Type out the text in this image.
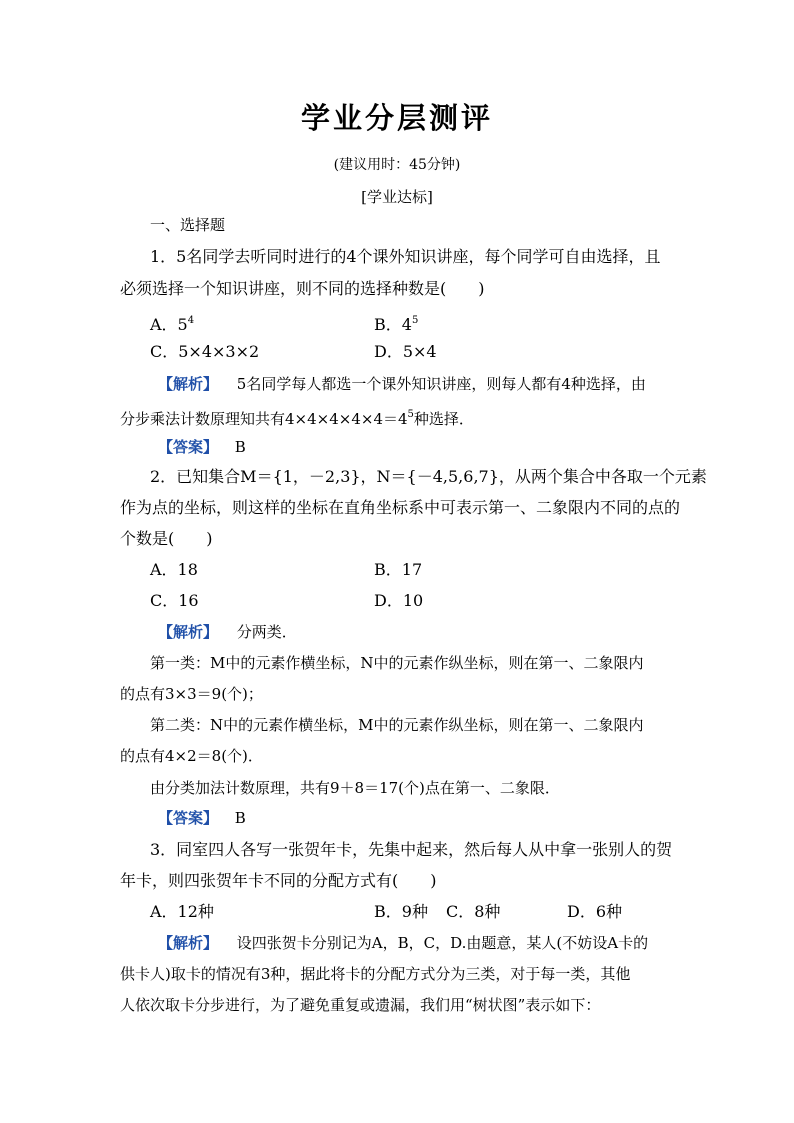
学业分层测评
(建议用时：45分钟)
[学业达标]
一、选择题
1．5名同学去听同时进行的4个课外知识讲座，每个同学可自由选择，且
必须选择一个知识讲座，则不同的选择种数是(　　)
A．$5^4$	B．$4^5$
C．5×4×3×2	D．5×4
【解析】 5名同学每人都选一个课外知识讲座，则每人都有4种选择，由
分步乘法计数原理知共有$4\times 4\times 4\times 4\times 4=4^5$种选择．
【答案】 B
2．已知集合M＝{1，－2,3}，N＝{－4,5,6,7}，从两个集合中各取一个元素
作为点的坐标，则这样的坐标在直角坐标系中可表示第一、二象限内不同的点的
个数是(　　)
A．18	B．17
C．16	D．10
【解析】 分两类．
第一类：M中的元素作横坐标，N中的元素作纵坐标，则在第一、二象限内
的点有3×3＝9(个)；
第二类：N中的元素作横坐标，M中的元素作纵坐标，则在第一、二象限内
的点有4×2＝8(个)．
由分类加法计数原理，共有9＋8＝17(个)点在第一、二象限．
【答案】 B
3．同室四人各写一张贺年卡，先集中起来，然后每人从中拿一张别人的贺
年卡，则四张贺年卡不同的分配方式有(　　)
A．12种	B．9种 C．8种	D．6种
【解析】 设四张贺卡分别记为A，B，C，D.由题意，某人(不妨设A卡的
供卡人)取卡的情况有3种，据此将卡的分配方式分为三类，对于每一类，其他
人依次取卡分步进行，为了避免重复或遗漏，我们用“树状图”表示如下：
